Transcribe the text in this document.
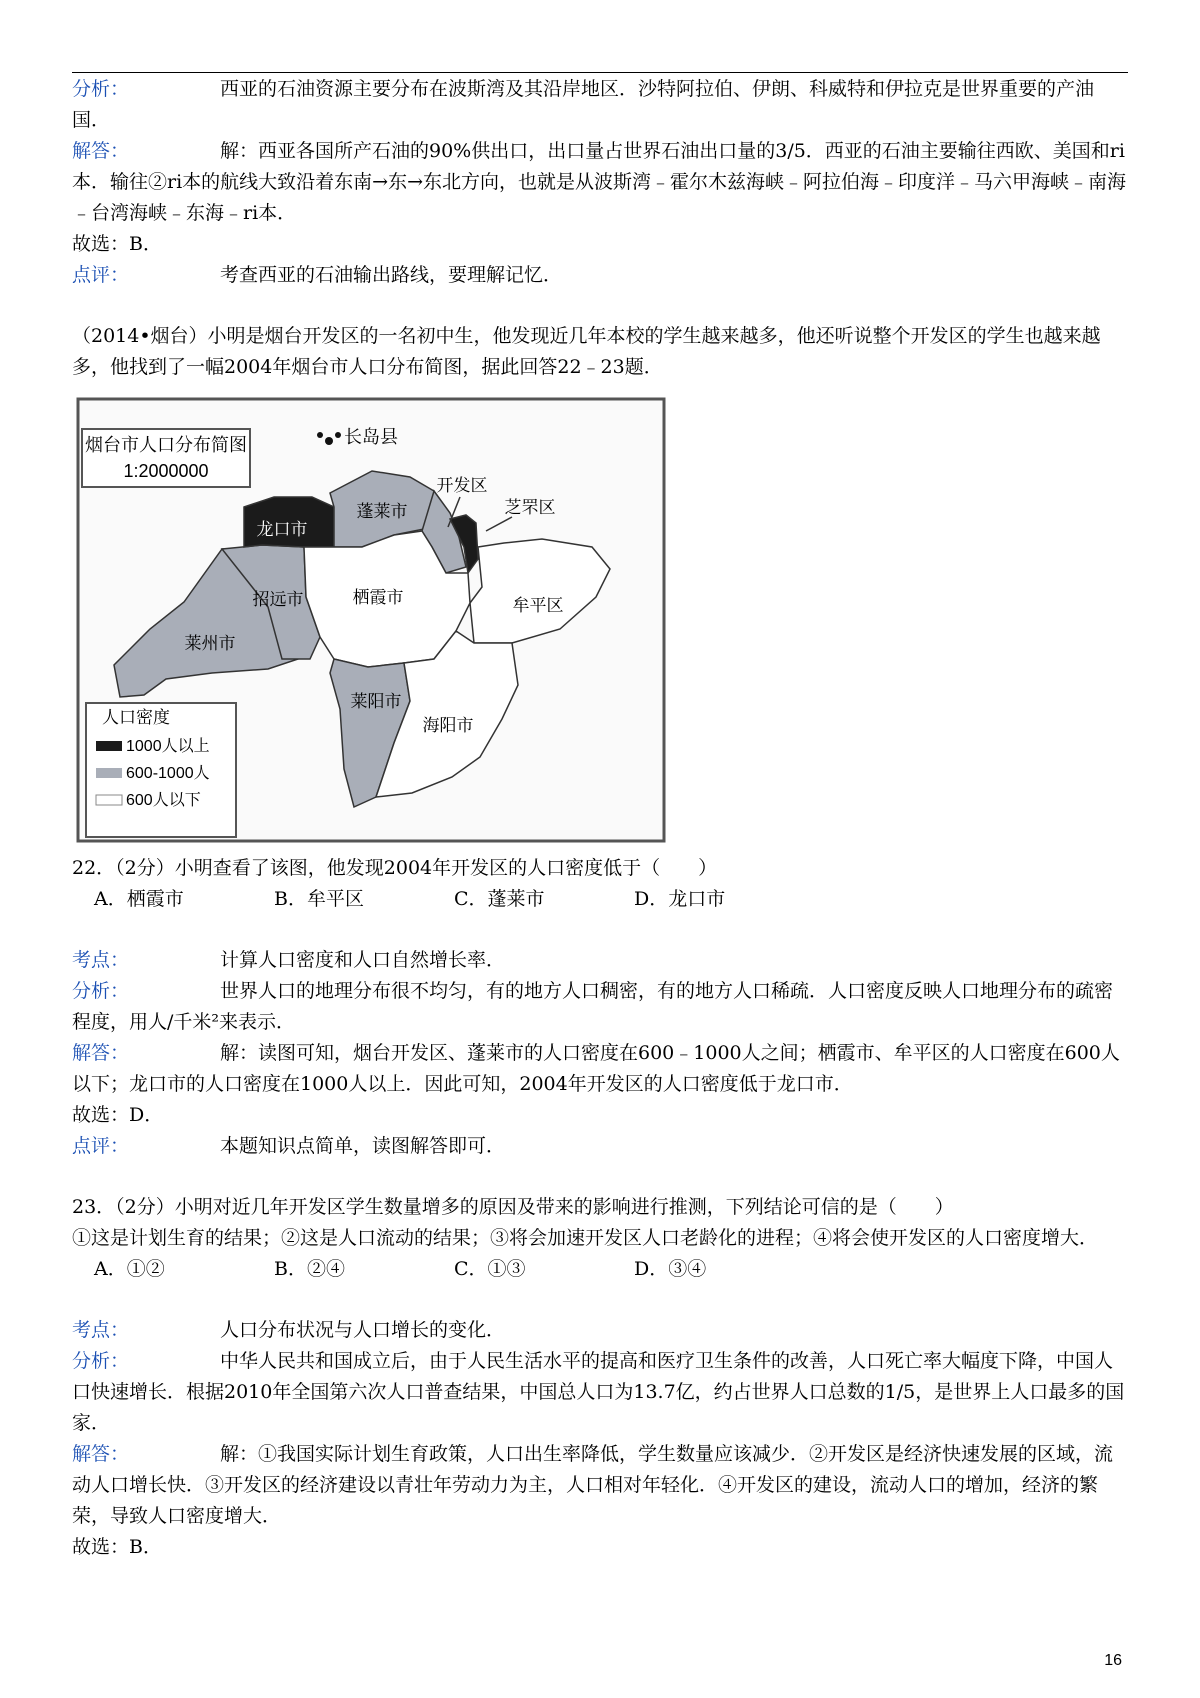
分析：	西亚的石油资源主要分布在波斯湾及其沿岸地区．沙特阿拉伯、伊朗、科威特和伊拉克是世界重要的产油国．
解答：	解：西亚各国所产石油的90%供出口，出口量占世界石油出口量的3/5．西亚的石油主要输往西欧、美国和ri本．输往②ri本的航线大致沿着东南→东→东北方向，也就是从波斯湾﹣霍尔木兹海峡﹣阿拉伯海﹣印度洋﹣马六甲海峡﹣南海﹣台湾海峡﹣东海﹣ri本．
故选：B．
点评：	考查西亚的石油输出路线，要理解记忆．
（2014•烟台）小明是烟台开发区的一名初中生，他发现近几年本校的学生越来越多，他还听说整个开发区的学生也越来越多，他找到了一幅2004年烟台市人口分布简图，据此回答22﹣23题．
烟台市人口分布简图
1:2000000
长岛县
龙口市
蓬莱市
开发区
芝罘区
招远市	栖霞市	牟平区
莱州市
莱阳市
海阳市
人口密度
1000人以上
600-1000人
600人以下
22．（2分）小明查看了该图，他发现2004年开发区的人口密度低于（　　）
A．栖霞市	B．牟平区	C．蓬莱市	D．龙口市
考点：	计算人口密度和人口自然增长率．
分析：	世界人口的地理分布很不均匀，有的地方人口稠密，有的地方人口稀疏．人口密度反映人口地理分布的疏密程度，用人/千米²来表示．
解答：	解：读图可知，烟台开发区、蓬莱市的人口密度在600﹣1000人之间；栖霞市、牟平区的人口密度在600人以下；龙口市的人口密度在1000人以上．因此可知，2004年开发区的人口密度低于龙口市．
故选：D．
点评：	本题知识点简单，读图解答即可．
23．（2分）小明对近几年开发区学生数量增多的原因及带来的影响进行推测，下列结论可信的是（　　）
①这是计划生育的结果；②这是人口流动的结果；③将会加速开发区人口老龄化的进程；④将会使开发区的人口密度增大．
A．①②	B．②④	C．①③	D．③④
考点：	人口分布状况与人口增长的变化．
分析：	中华人民共和国成立后，由于人民生活水平的提高和医疗卫生条件的改善，人口死亡率大幅度下降，中国人口快速增长．根据2010年全国第六次人口普查结果，中国总人口为13.7亿，约占世界人口总数的1/5，是世界上人口最多的国家．
解答：	解：①我国实际计划生育政策，人口出生率降低，学生数量应该减少．②开发区是经济快速发展的区域，流动人口增长快．③开发区的经济建设以青壮年劳动力为主，人口相对年轻化．④开发区的建设，流动人口的增加，经济的繁荣，导致人口密度增大．
故选：B．
16
